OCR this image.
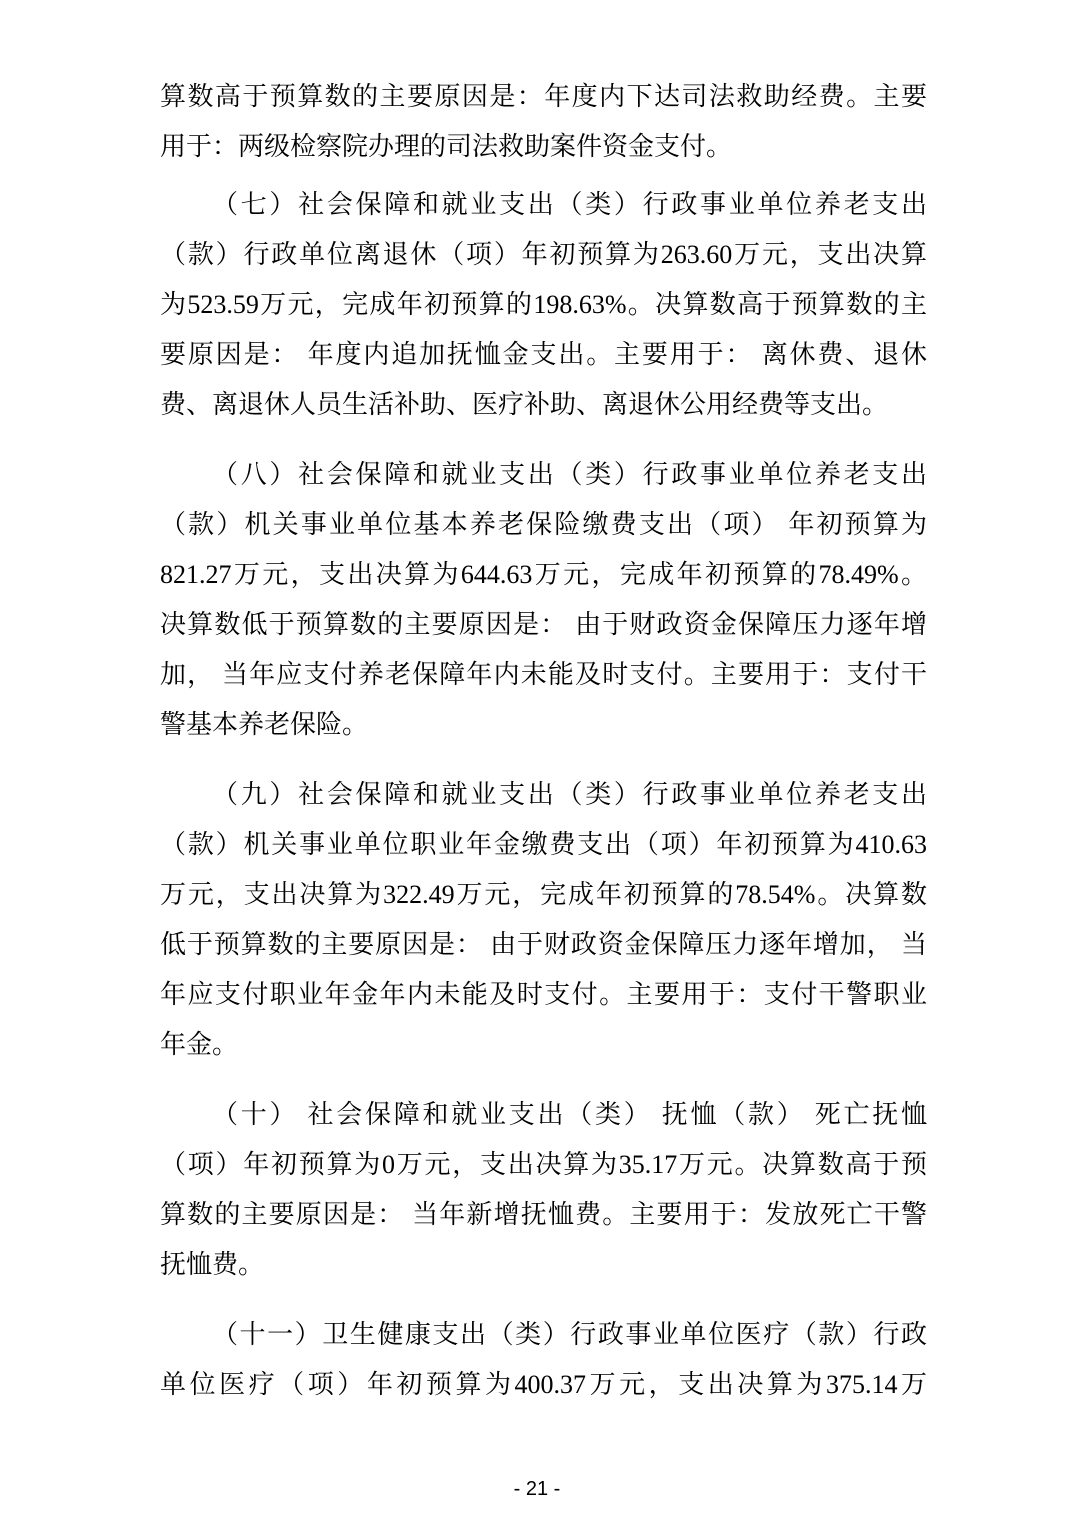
算数高于预算数的主要原因是：年度内下达司法救助经费。主要
用于：两级检察院办理的司法救助案件资金支付。
（七）社会保障和就业支出（类）行政事业单位养老支出
（款）行政单位离退休（项）年初预算为263.60万元，支出决算
为523.59万元，完成年初预算的198.63%。决算数高于预算数的主
要原因是： 年度内追加抚恤金支出。主要用于： 离休费、退休
费、离退休人员生活补助、医疗补助、离退休公用经费等支出。
（八）社会保障和就业支出（类）行政事业单位养老支出
（款）机关事业单位基本养老保险缴费支出（项） 年初预算为
821.27万元，支出决算为644.63万元，完成年初预算的78.49%。
决算数低于预算数的主要原因是： 由于财政资金保障压力逐年增
加， 当年应支付养老保障年内未能及时支付。主要用于：支付干
警基本养老保险。
（九）社会保障和就业支出（类）行政事业单位养老支出
（款）机关事业单位职业年金缴费支出（项）年初预算为410.63
万元，支出决算为322.49万元，完成年初预算的78.54%。决算数
低于预算数的主要原因是： 由于财政资金保障压力逐年增加， 当
年应支付职业年金年内未能及时支付。主要用于：支付干警职业
年金。
（十） 社会保障和就业支出（类） 抚恤（款） 死亡抚恤
（项）年初预算为0万元，支出决算为35.17万元。决算数高于预
算数的主要原因是： 当年新增抚恤费。主要用于：发放死亡干警
抚恤费。
（十一）卫生健康支出（类）行政事业单位医疗（款）行政
单位医疗（项）年初预算为400.37万元，支出决算为375.14万
- 21 -
